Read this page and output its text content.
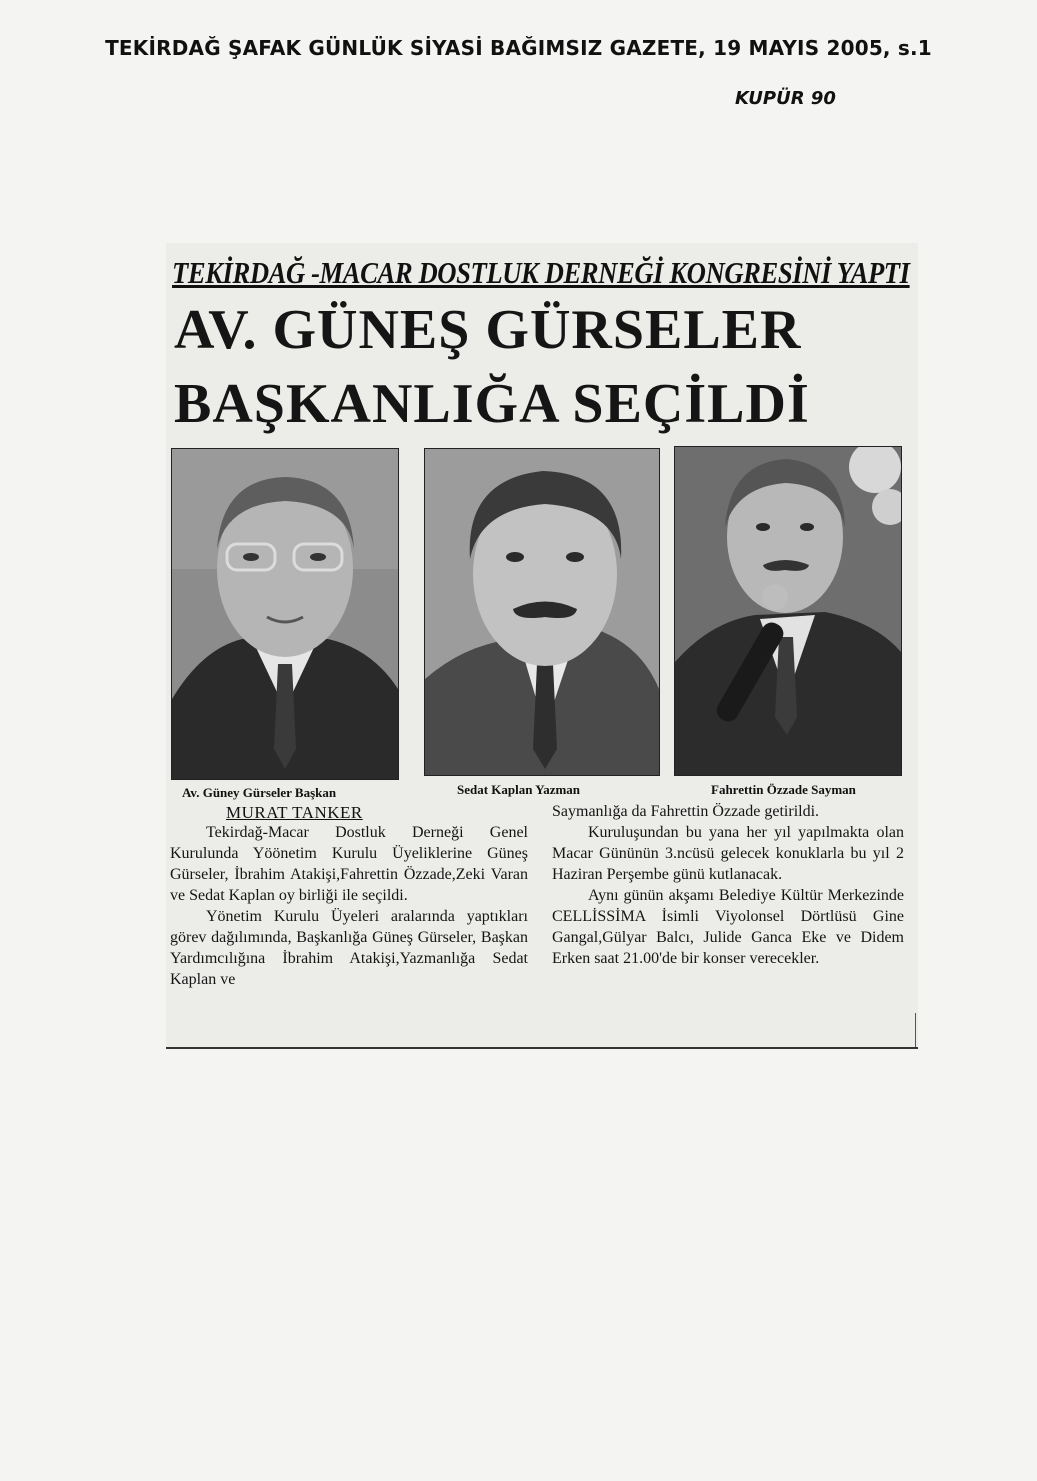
TEKİRDAĞ ŞAFAK GÜNLÜK SİYASİ BAĞIMSIZ GAZETE, 19 MAYIS 2005, s.1
KUPÜR 90
TEKİRDAĞ -MACAR DOSTLUK DERNEĞİ KONGRESİNİ YAPTI
AV. GÜNEŞ GÜRSELER
BAŞKANLIĞA SEÇİLDİ
Av. Güney Gürseler Başkan	Sedat Kaplan Yazman	Fahrettin Özzade Sayman
MURAT TANKER

Tekirdağ-Macar Dostluk Derneği Genel Kurulunda Yöönetim Kurulu Üyeliklerine Güneş Gürseler, İbrahim Atakişi,Fahrettin Özzade,Zeki Varan ve Sedat Kaplan oy birliği ile seçildi.

Yönetim Kurulu Üyeleri aralarında yaptıkları görev dağılımında, Başkanlığa Güneş Gürseler, Başkan Yardımcılığına İbrahim Atakişi,Yazmanlığa Sedat Kaplan ve

Saymanlığa da Fahrettin Özzade getirildi.

Kuruluşundan bu yana her yıl yapılmakta olan Macar Gününün 3.ncüsü gelecek konuklarla bu yıl 2 Haziran Perşembe günü kutlanacak.

Aynı günün akşamı Belediye Kültür Merkezinde CELLİSSİMA İsimli Viyolonsel Dörtlüsü Gine Gangal,Gülyar Balcı, Julide Ganca Eke ve Didem Erken saat 21.00'de bir konser verecekler.
